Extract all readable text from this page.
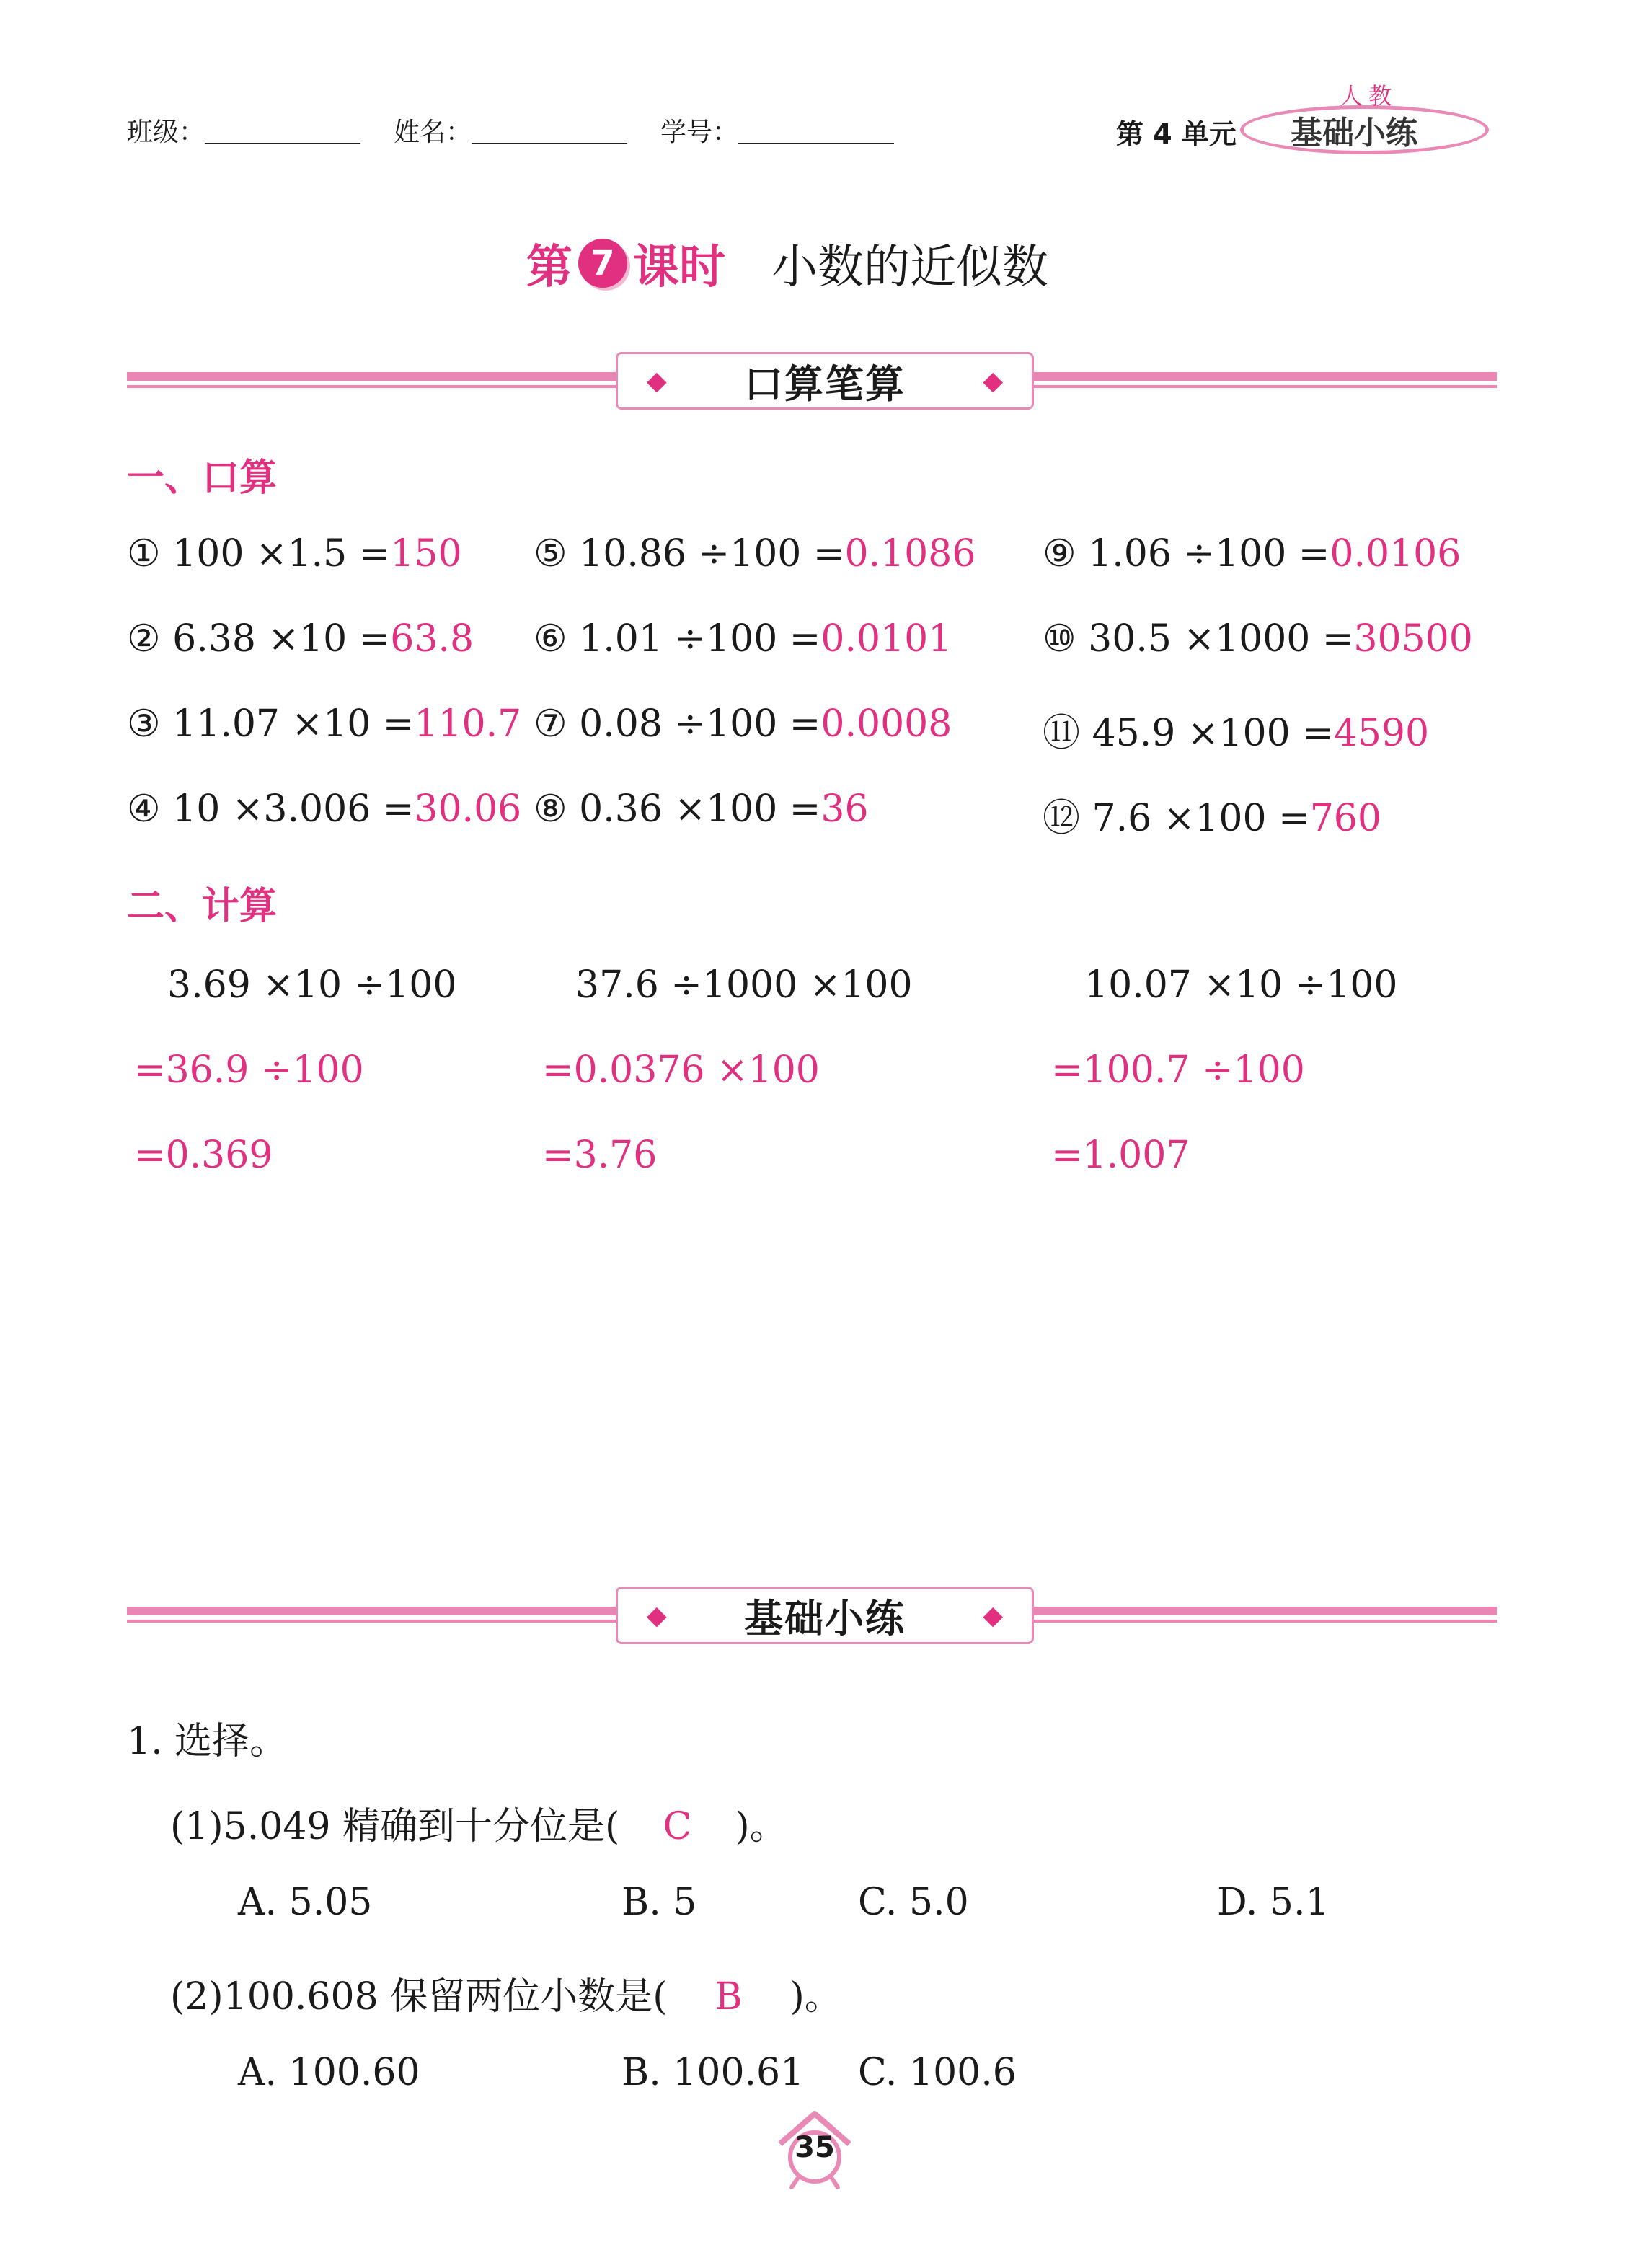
班级：	姓名：	学号：	第 4 单元
人教
基础小练
第 7 课时 小数的近似数
◆ 口算笔算	◆
一、口算
① 100 ×1.5 =150 ⑤ 10.86 ÷100 =0.1086 ⑨ 1.06 ÷100 =0.0106
② 6.38 ×10 =63.8 ⑥ 1.01 ÷100 =0.0101 ⑩ 30.5 ×1000 =30500
③ 11.07 ×10 =110.7 ⑦ 0.08 ÷100 =0.0008 ⑪ 45.9 ×100 =4590
④ 10 ×3.006 =30.06 ⑧ 0.36 ×100 =36	⑫ 7.6 ×100 =760
二、计算
3.69 ×10 ÷100
=36.9 ÷100
=0.369
37.6 ÷1000 ×100
=0.0376 ×100
=3.76
10.07 ×10 ÷100
=100.7 ÷100
=1.007
◆ 基础小练	◆
1. 选择。
(1)5.049 精确到十分位是( C )。
A. 5.05	B. 5	C. 5.0	D. 5.1
(2)100.608 保留两位小数是( B )。
A. 100.60	B. 100.61 C. 100.6
35
